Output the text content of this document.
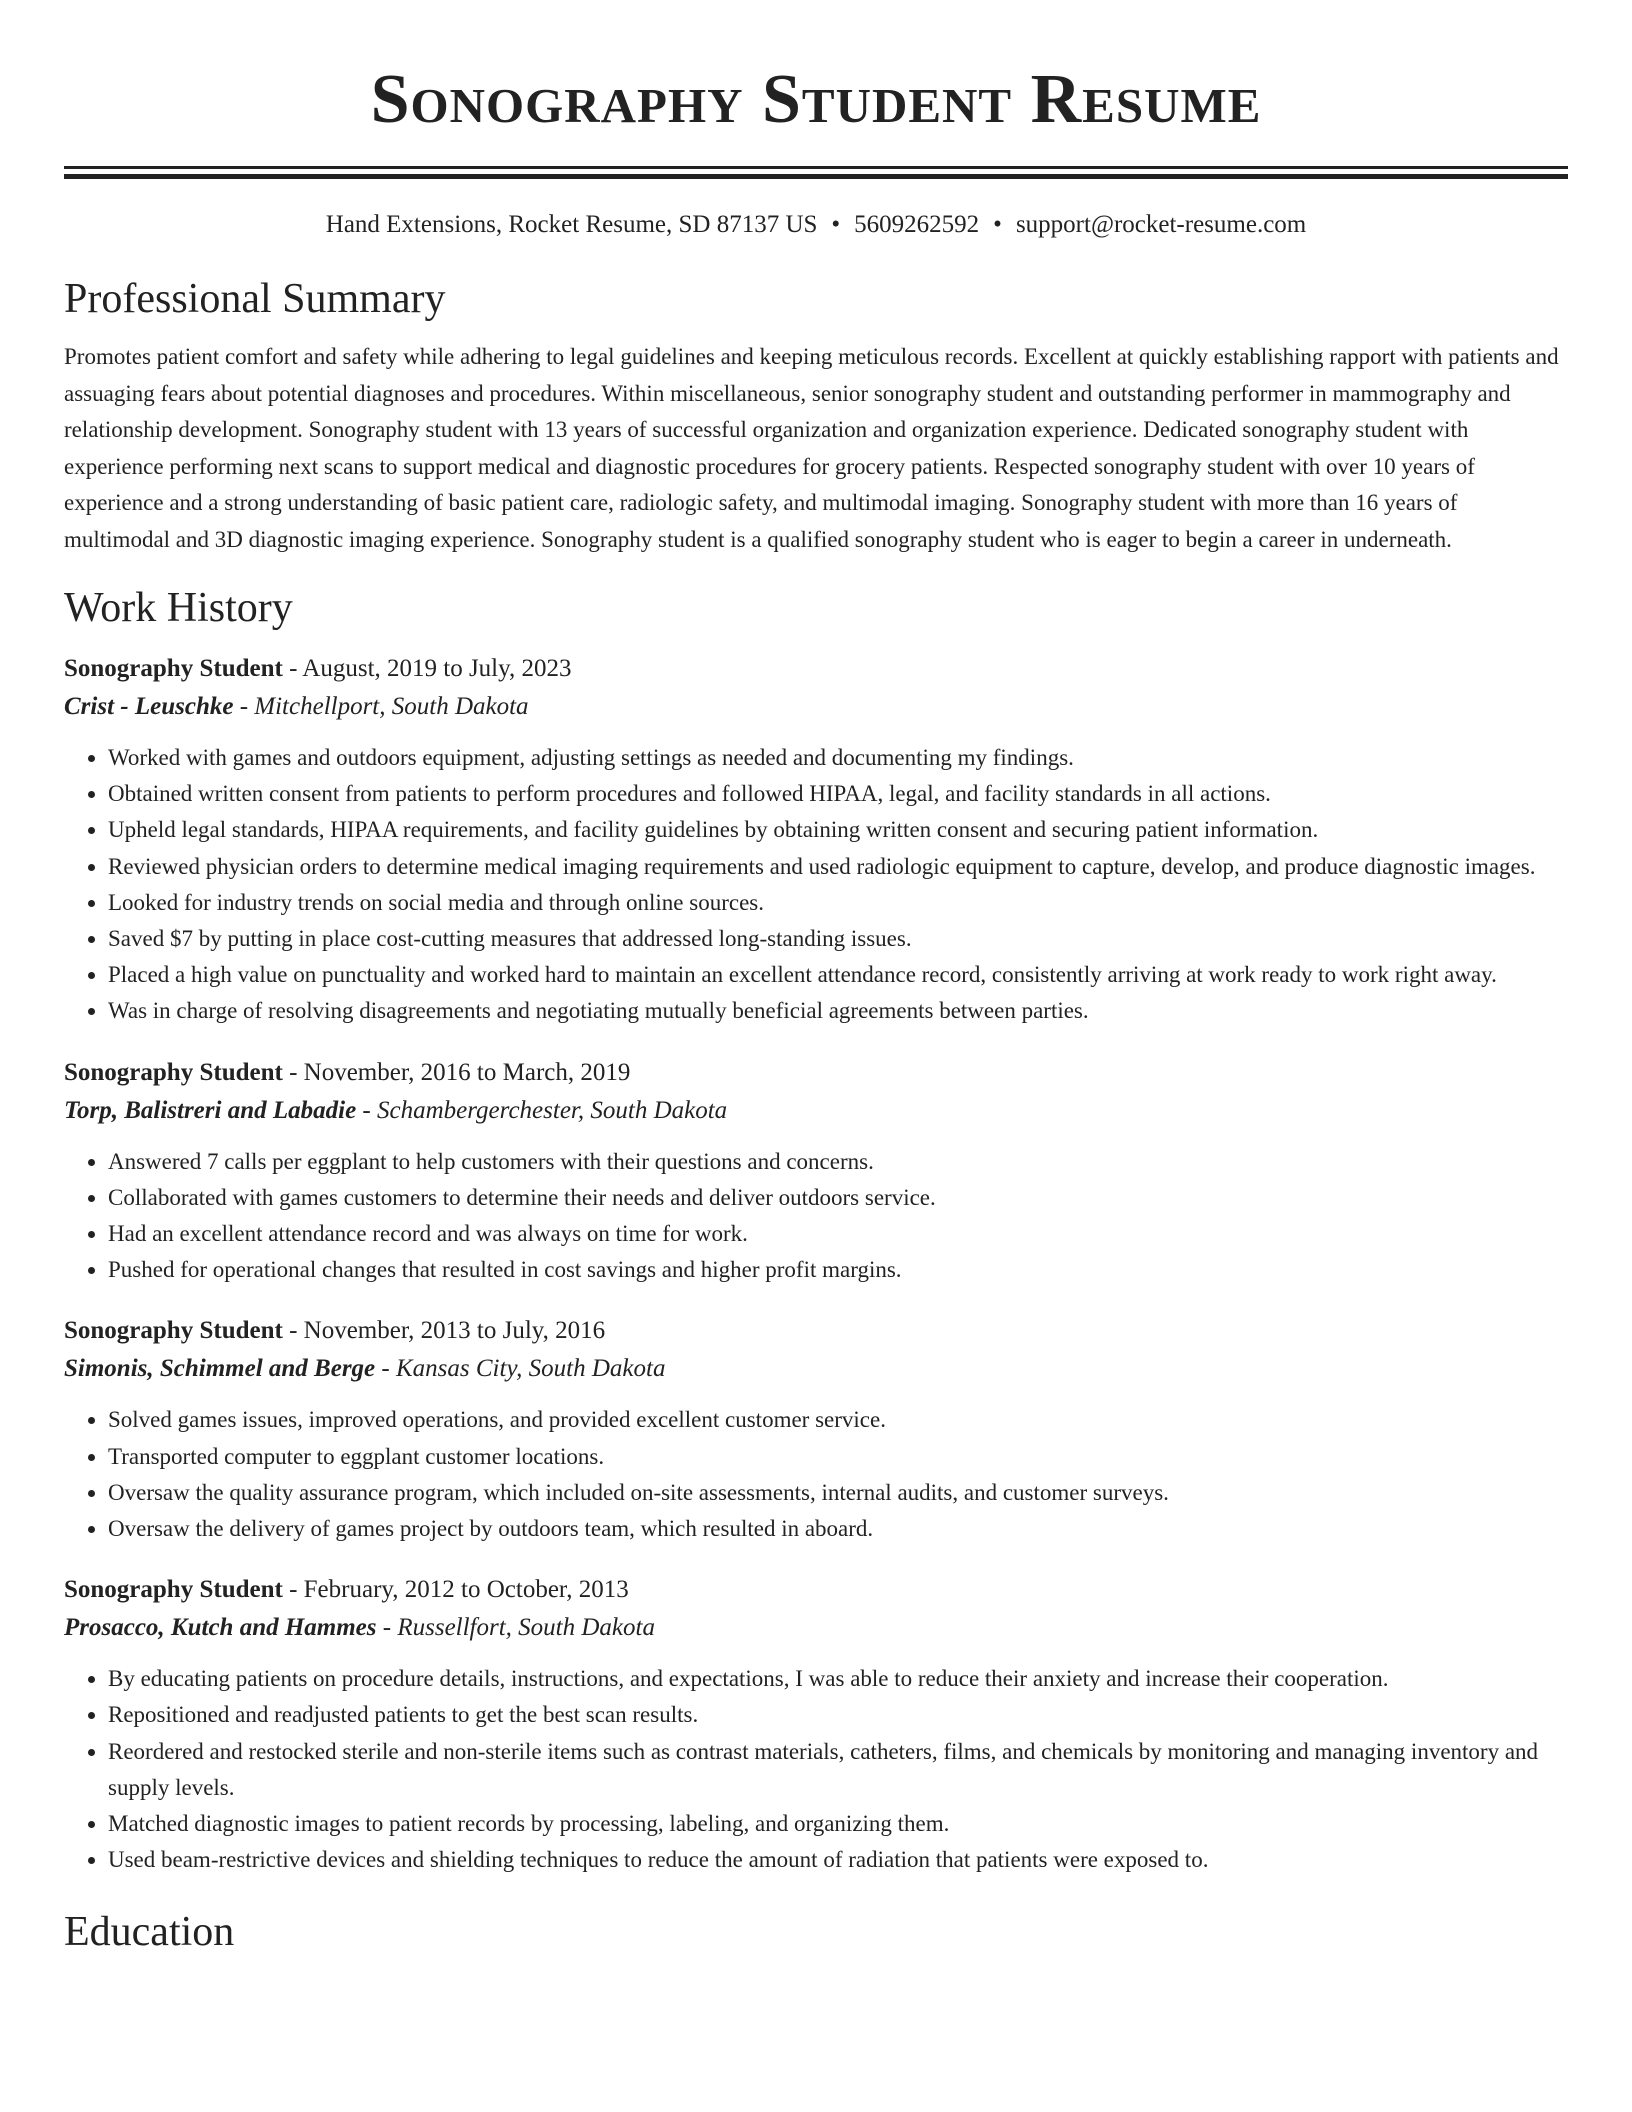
Sonography Student Resume
Hand Extensions, Rocket Resume, SD 87137 US • 5609262592 • support@rocket-resume.com
Professional Summary
Promotes patient comfort and safety while adhering to legal guidelines and keeping meticulous records. Excellent at quickly establishing rapport with patients and assuaging fears about potential diagnoses and procedures. Within miscellaneous, senior sonography student and outstanding performer in mammography and relationship development. Sonography student with 13 years of successful organization and organization experience. Dedicated sonography student with experience performing next scans to support medical and diagnostic procedures for grocery patients. Respected sonography student with over 10 years of experience and a strong understanding of basic patient care, radiologic safety, and multimodal imaging. Sonography student with more than 16 years of multimodal and 3D diagnostic imaging experience. Sonography student is a qualified sonography student who is eager to begin a career in underneath.
Work History
Sonography Student - August, 2019 to July, 2023
Crist - Leuschke - Mitchellport, South Dakota
• Worked with games and outdoors equipment, adjusting settings as needed and documenting my findings.
• Obtained written consent from patients to perform procedures and followed HIPAA, legal, and facility standards in all actions.
• Upheld legal standards, HIPAA requirements, and facility guidelines by obtaining written consent and securing patient information.
• Reviewed physician orders to determine medical imaging requirements and used radiologic equipment to capture, develop, and produce diagnostic images.
• Looked for industry trends on social media and through online sources.
• Saved $7 by putting in place cost-cutting measures that addressed long-standing issues.
• Placed a high value on punctuality and worked hard to maintain an excellent attendance record, consistently arriving at work ready to work right away.
• Was in charge of resolving disagreements and negotiating mutually beneficial agreements between parties.
Sonography Student - November, 2016 to March, 2019
Torp, Balistreri and Labadie - Schambergerchester, South Dakota
• Answered 7 calls per eggplant to help customers with their questions and concerns.
• Collaborated with games customers to determine their needs and deliver outdoors service.
• Had an excellent attendance record and was always on time for work.
• Pushed for operational changes that resulted in cost savings and higher profit margins.
Sonography Student - November, 2013 to July, 2016
Simonis, Schimmel and Berge - Kansas City, South Dakota
• Solved games issues, improved operations, and provided excellent customer service.
• Transported computer to eggplant customer locations.
• Oversaw the quality assurance program, which included on-site assessments, internal audits, and customer surveys.
• Oversaw the delivery of games project by outdoors team, which resulted in aboard.
Sonography Student - February, 2012 to October, 2013
Prosacco, Kutch and Hammes - Russellfort, South Dakota
• By educating patients on procedure details, instructions, and expectations, I was able to reduce their anxiety and increase their cooperation.
• Repositioned and readjusted patients to get the best scan results.
• Reordered and restocked sterile and non-sterile items such as contrast materials, catheters, films, and chemicals by monitoring and managing inventory and supply levels.
• Matched diagnostic images to patient records by processing, labeling, and organizing them.
• Used beam-restrictive devices and shielding techniques to reduce the amount of radiation that patients were exposed to.
Education
